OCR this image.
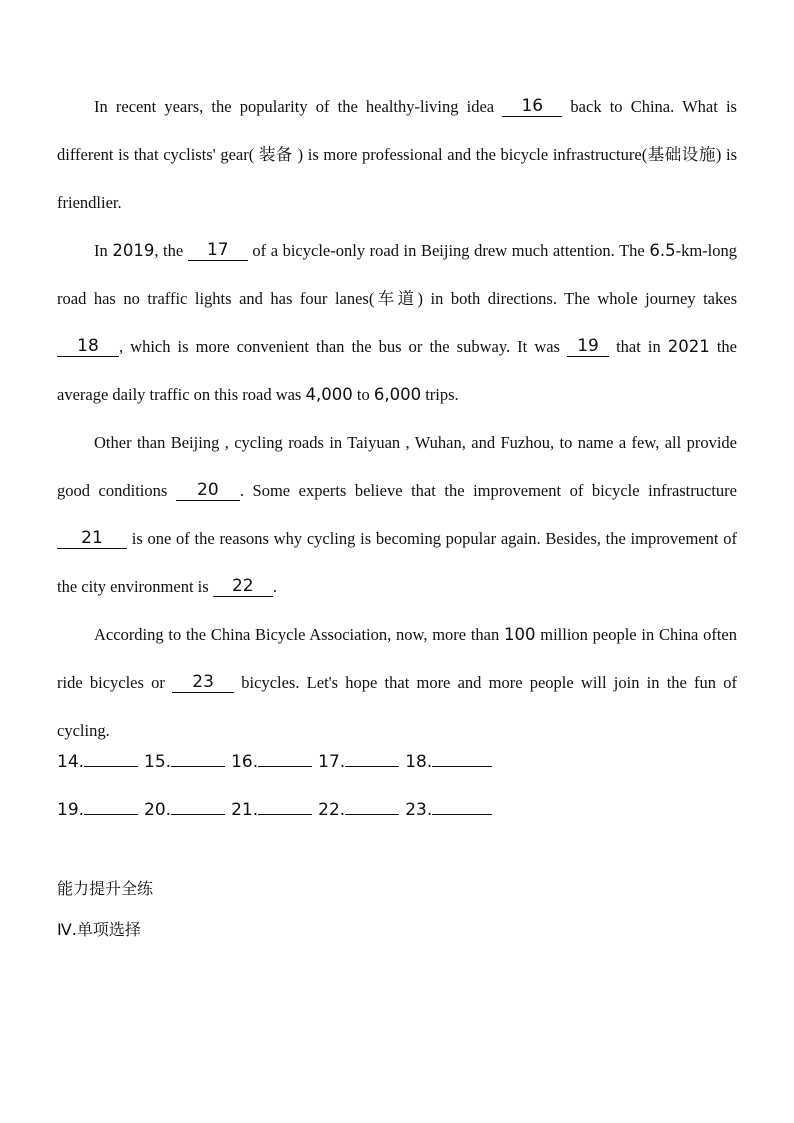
In recent years, the popularity of the healthy-living idea 16 back to China. What is different is that cyclists' gear( 装备 ) is more professional and the bicycle infrastructure(基础设施) is friendlier.
In 2019, the 17 of a bicycle-only road in Beijing drew much attention. The 6.5-km-long road has no traffic lights and has four lanes(车道) in both directions. The whole journey takes 18 , which is more convenient than the bus or the subway. It was 19 that in 2021 the average daily traffic on this road was 4,000 to 6,000 trips.
Other than Beijing , cycling roads in Taiyuan , Wuhan, and Fuzhou, to name a few, all provide good conditions 20 . Some experts believe that the improvement of bicycle infrastructure 21 is one of the reasons why cycling is becoming popular again. Besides, the improvement of the city environment is 22 .
According to the China Bicycle Association, now, more than 100 million people in China often ride bicycles or 23 bicycles. Let's hope that more and more people will join in the fun of cycling.
14.	15.	16.	17.	18.
19.	20.	21.	22.	23.
能力提升全练
Ⅳ.单项选择
